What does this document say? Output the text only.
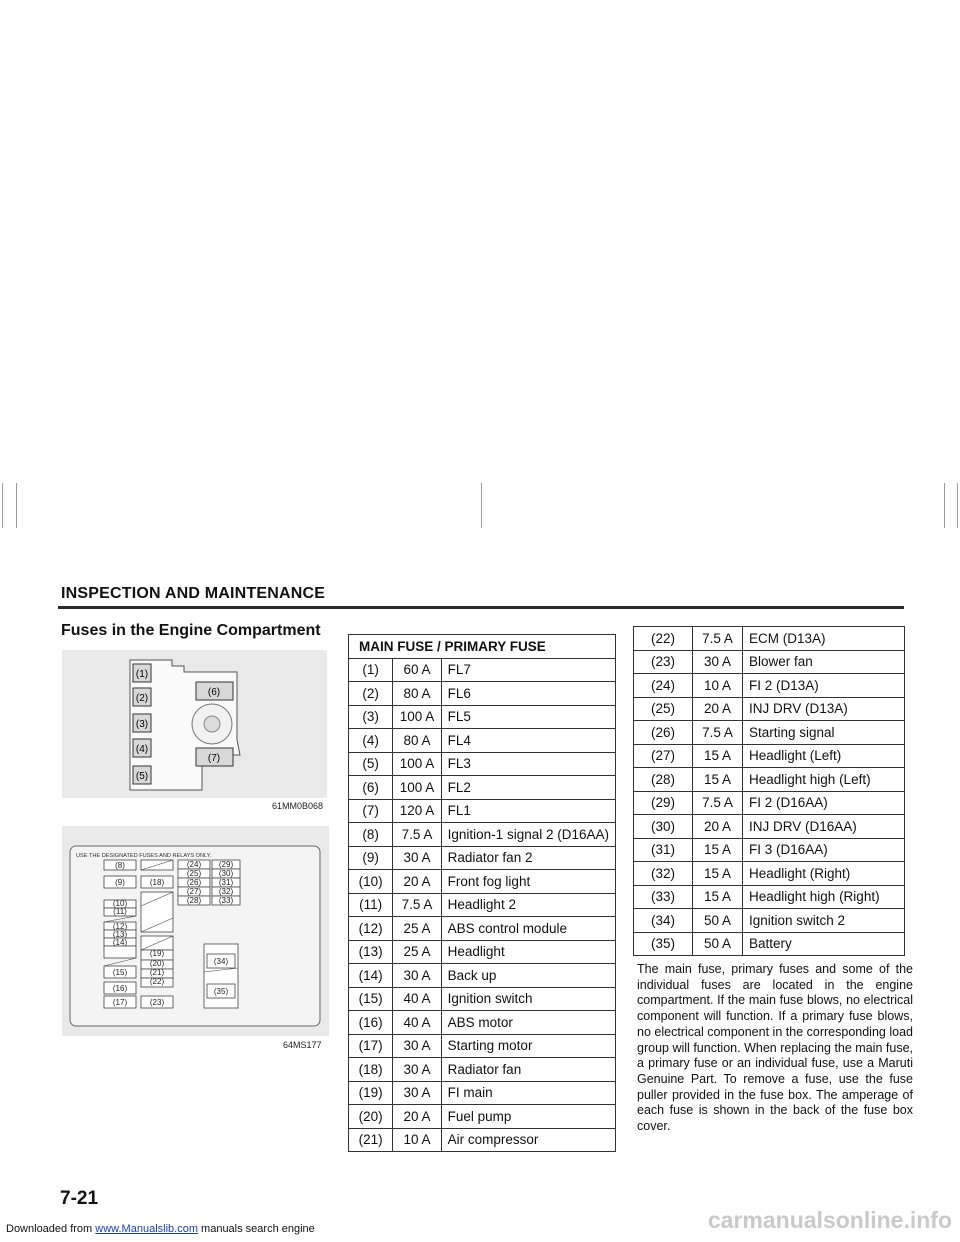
INSPECTION AND MAINTENANCE
Fuses in the Engine Compartment
(1)
(2)
(3)
(4)
(5)
(6)
(7)
61MM0B068
USE THE DESIGNATED FUSES AND RELAYS ONLY.
(8)
(9)	(18)
(10)
(11)
(12)
(13)
(14)
(19)
(20)
(21)
(22)
(15)
(16)
(17)	(23)
(24)
(25)
(26)
(27)
(28)
(29)
(30)
(31)
(32)
(33)
(34)
(35)
64MS177
MAIN FUSE / PRIMARY FUSE		
(1)	60 A	FL7
(2)	80 A	FL6
(3)	100 A	FL5
(4)	80 A	FL4
(5)	100 A	FL3
(6)	100 A	FL2
(7)	120 A	FL1
(8)	7.5 A	Ignition-1 signal 2 (D16AA)
(9)	30 A	Radiator fan 2
(10)	20 A	Front fog light
(11)	7.5 A	Headlight 2
(12)	25 A	ABS control module
(13)	25 A	Headlight
(14)	30 A	Back up
(15)	40 A	Ignition switch
(16)	40 A	ABS motor
(17)	30 A	Starting motor
(18)	30 A	Radiator fan
(19)	30 A	FI main
(20)	20 A	Fuel pump
(21)	10 A	Air compressor
(22)	7.5 A	ECM (D13A)
(23)	30 A	Blower fan
(24)	10 A	FI 2 (D13A)
(25)	20 A	INJ DRV (D13A)
(26)	7.5 A	Starting signal
(27)	15 A	Headlight (Left)
(28)	15 A	Headlight high (Left)
(29)	7.5 A	FI 2 (D16AA)
(30)	20 A	INJ DRV (D16AA)
(31)	15 A	FI 3 (D16AA)
(32)	15 A	Headlight (Right)
(33)	15 A	Headlight high (Right)
(34)	50 A	Ignition switch 2
(35)	50 A	Battery
The main fuse, primary fuses and some of the individual fuses are located in the engine compartment. If the main fuse blows, no electrical component will function. If a primary fuse blows, no electrical component in the corresponding load group will function. When replacing the main fuse, a primary fuse or an individual fuse, use a Maruti Genuine Part. To remove a fuse, use the fuse puller provided in the fuse box. The amperage of each fuse is shown in the back of the fuse box cover.
7-21
Downloaded from www.Manualslib.com manuals search engine	carmanualsonline.info
